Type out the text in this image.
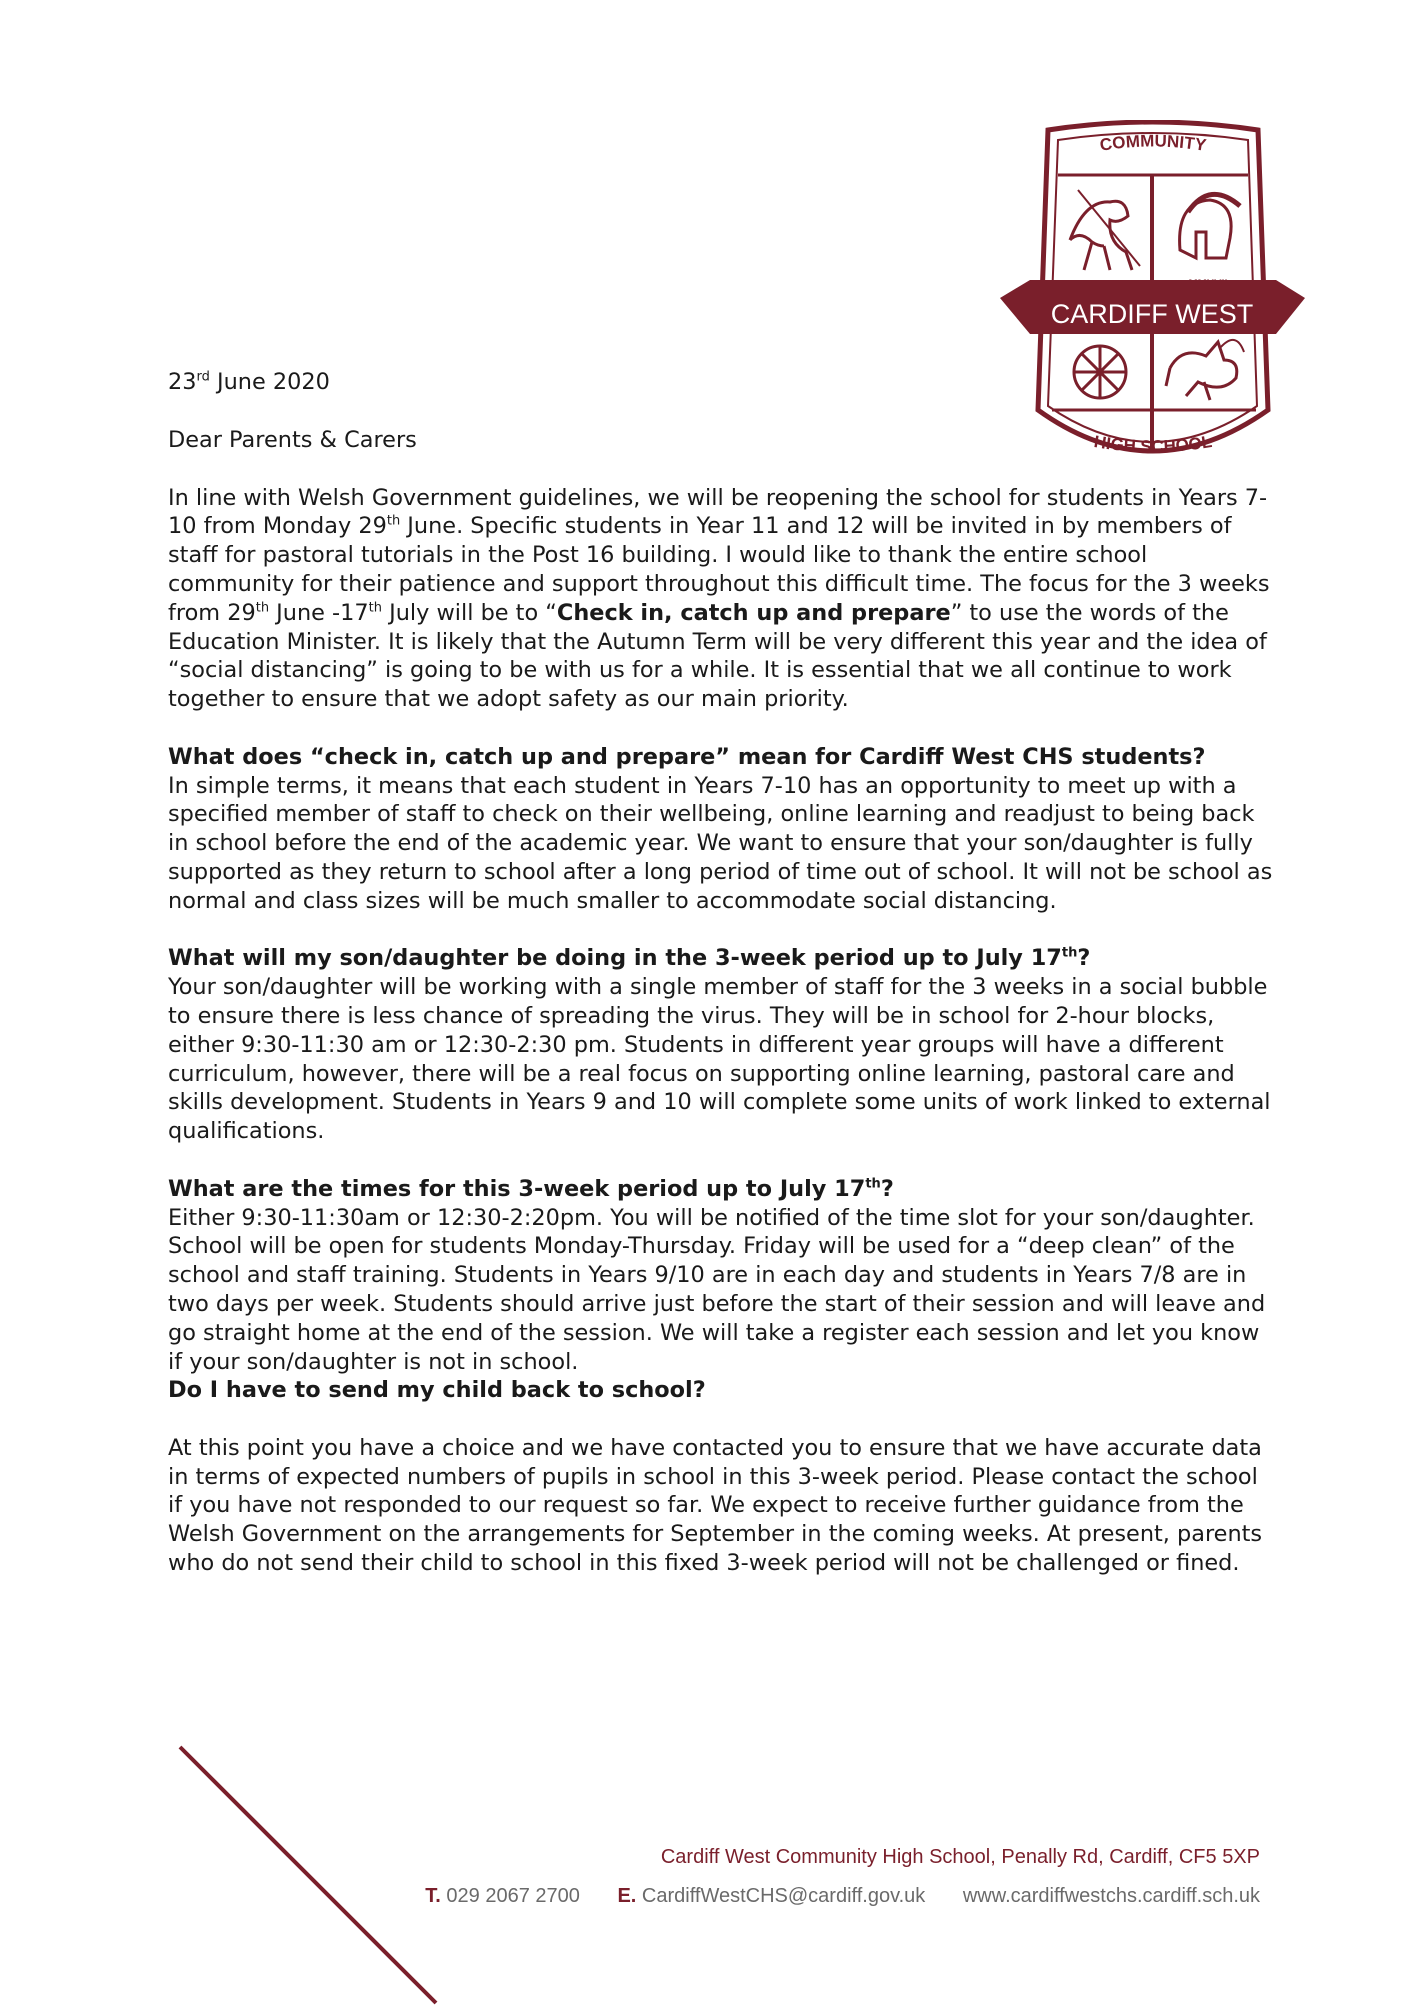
COMMUNITY
CARDIFF WEST
HIGH SCHOOL

23rd June 2020

Dear Parents & Carers

In line with Welsh Government guidelines, we will be reopening the school for students in Years 7-10 from Monday 29th June. Specific students in Year 11 and 12 will be invited in by members of staff for pastoral tutorials in the Post 16 building. I would like to thank the entire school community for their patience and support throughout this difficult time. The focus for the 3 weeks from 29th June -17th July will be to “Check in, catch up and prepare” to use the words of the Education Minister. It is likely that the Autumn Term will be very different this year and the idea of “social distancing” is going to be with us for a while. It is essential that we all continue to work together to ensure that we adopt safety as our main priority.

What does “check in, catch up and prepare” mean for Cardiff West CHS students?

In simple terms, it means that each student in Years 7-10 has an opportunity to meet up with a specified member of staff to check on their wellbeing, online learning and readjust to being back in school before the end of the academic year. We want to ensure that your son/daughter is fully supported as they return to school after a long period of time out of school. It will not be school as normal and class sizes will be much smaller to accommodate social distancing.

What will my son/daughter be doing in the 3-week period up to July 17th?

Your son/daughter will be working with a single member of staff for the 3 weeks in a social bubble to ensure there is less chance of spreading the virus. They will be in school for 2-hour blocks, either 9:30-11:30 am or 12:30-2:30 pm. Students in different year groups will have a different curriculum, however, there will be a real focus on supporting online learning, pastoral care and skills development. Students in Years 9 and 10 will complete some units of work linked to external qualifications.

What are the times for this 3-week period up to July 17th?

Either 9:30-11:30am or 12:30-2:20pm. You will be notified of the time slot for your son/daughter. School will be open for students Monday-Thursday. Friday will be used for a “deep clean” of the school and staff training. Students in Years 9/10 are in each day and students in Years 7/8 are in two days per week. Students should arrive just before the start of their session and will leave and go straight home at the end of the session. We will take a register each session and let you know if your son/daughter is not in school.

Do I have to send my child back to school?

At this point you have a choice and we have contacted you to ensure that we have accurate data in terms of expected numbers of pupils in school in this 3-week period. Please contact the school if you have not responded to our request so far. We expect to receive further guidance from the Welsh Government on the arrangements for September in the coming weeks. At present, parents who do not send their child to school in this fixed 3-week period will not be challenged or fined.

Cardiff West Community High School, Penally Rd, Cardiff, CF5 5XP
T. 029 2067 2700 E. CardiffWestCHS@cardiff.gov.uk www.cardiffwestchs.cardiff.sch.uk
